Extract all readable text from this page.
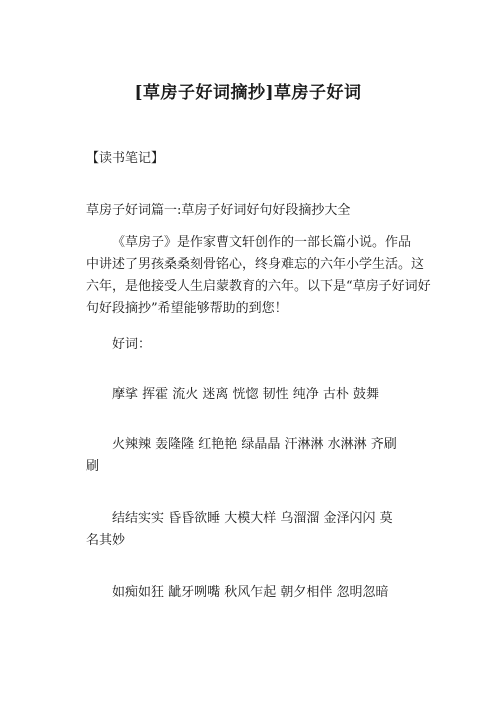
[草房子好词摘抄]草房子好词
【读书笔记】
草房子好词篇一:草房子好词好句好段摘抄大全
《草房子》是作家曹文轩创作的一部长篇小说。作品
中讲述了男孩桑桑刻骨铭心，终身难忘的六年小学生活。这
六年，是他接受人生启蒙教育的六年。以下是“草房子好词好
句好段摘抄”希望能够帮助的到您！
好词：
摩挲 挥霍 流火 迷离 恍惚 韧性 纯净 古朴 鼓舞
火辣辣 轰隆隆 红艳艳 绿晶晶 汗淋淋 水淋淋 齐刷
刷
结结实实 昏昏欲睡 大模大样 乌溜溜 金泽闪闪 莫
名其妙
如痴如狂 龇牙咧嘴 秋风乍起 朝夕相伴 忽明忽暗
